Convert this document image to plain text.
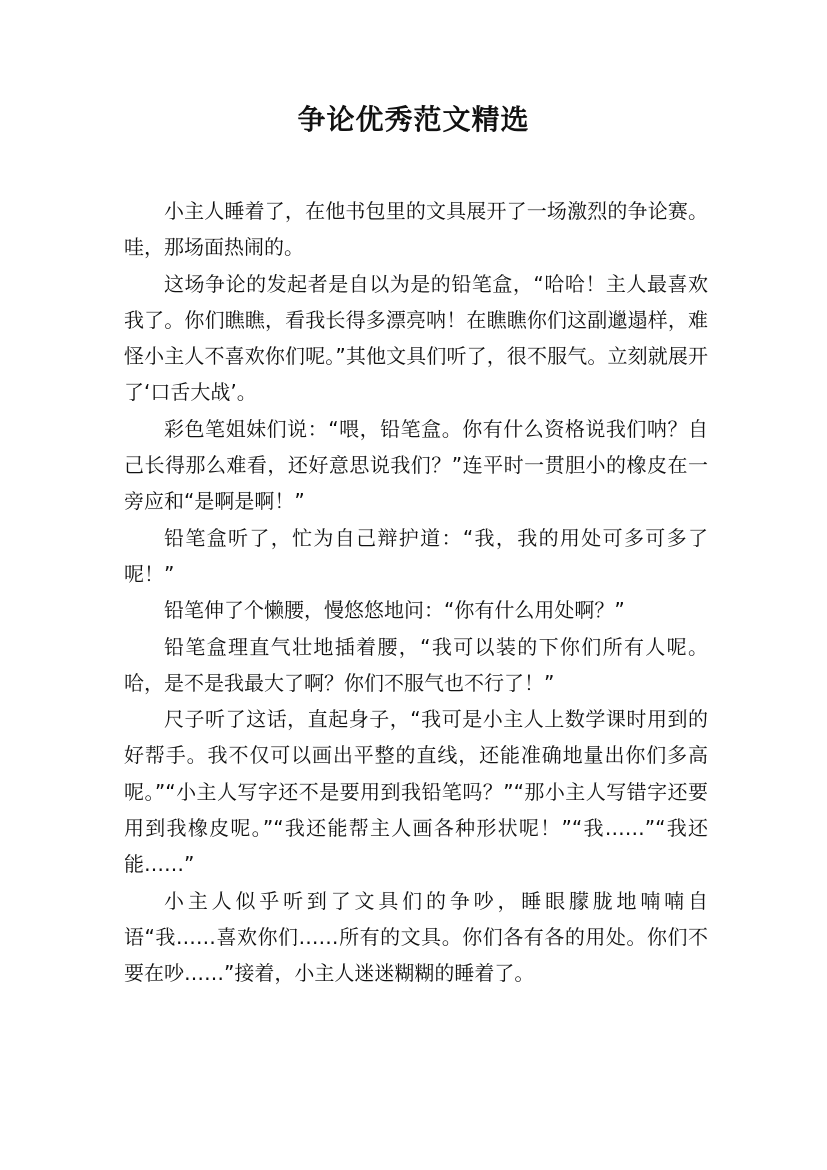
争论优秀范文精选

小主人睡着了，在他书包里的文具展开了一场激烈的争论赛。哇，那场面热闹的。

这场争论的发起者是自以为是的铅笔盒，“哈哈！主人最喜欢我了。你们瞧瞧，看我长得多漂亮呐！在瞧瞧你们这副邋遢样，难怪小主人不喜欢你们呢。”其他文具们听了，很不服气。立刻就展开了‘口舌大战’。

彩色笔姐妹们说：“喂，铅笔盒。你有什么资格说我们呐？自己长得那么难看，还好意思说我们？”连平时一贯胆小的橡皮在一旁应和“是啊是啊！”

铅笔盒听了，忙为自己辩护道：“我，我的用处可多可多了呢！”

铅笔伸了个懒腰，慢悠悠地问：“你有什么用处啊？”

铅笔盒理直气壮地插着腰，“我可以装的下你们所有人呢。哈，是不是我最大了啊？你们不服气也不行了！”

尺子听了这话，直起身子，“我可是小主人上数学课时用到的好帮手。我不仅可以画出平整的直线，还能准确地量出你们多高呢。”“小主人写字还不是要用到我铅笔吗？”“那小主人写错字还要用到我橡皮呢。”“我还能帮主人画各种形状呢！”“我……”“我还能……”

小主人似乎听到了文具们的争吵，睡眼朦胧地喃喃自语“我……喜欢你们……所有的文具。你们各有各的用处。你们不要在吵……”接着，小主人迷迷糊糊的睡着了。
